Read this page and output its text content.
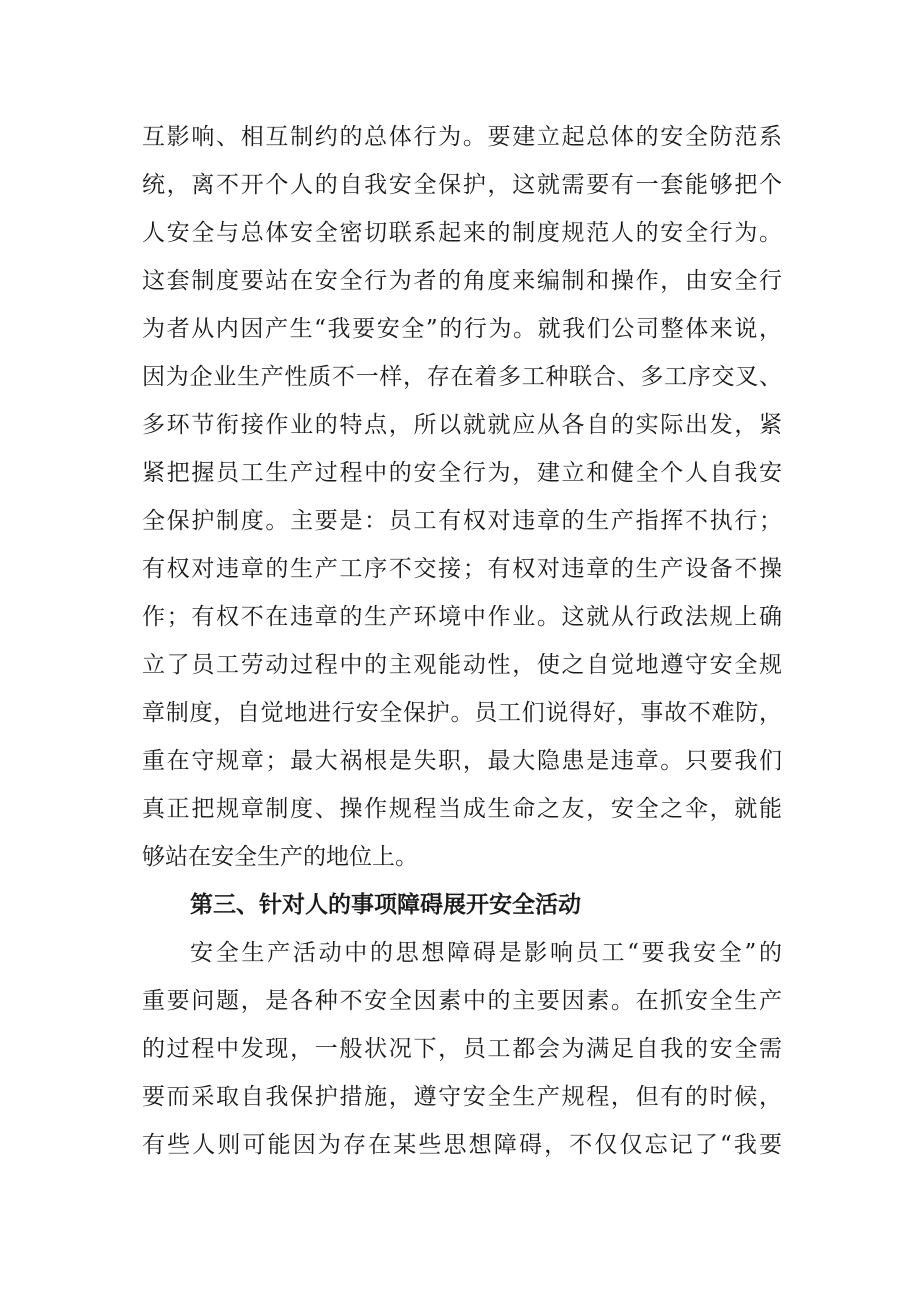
互影响、相互制约的总体行为。要建立起总体的安全防范系
统，离不开个人的自我安全保护，这就需要有一套能够把个
人安全与总体安全密切联系起来的制度规范人的安全行为。
这套制度要站在安全行为者的角度来编制和操作，由安全行
为者从内因产生“我要安全”的行为。就我们公司整体来说，
因为企业生产性质不一样，存在着多工种联合、多工序交叉、
多环节衔接作业的特点，所以就就应从各自的实际出发，紧
紧把握员工生产过程中的安全行为，建立和健全个人自我安
全保护制度。主要是：员工有权对违章的生产指挥不执行；
有权对违章的生产工序不交接；有权对违章的生产设备不操
作；有权不在违章的生产环境中作业。这就从行政法规上确
立了员工劳动过程中的主观能动性，使之自觉地遵守安全规
章制度，自觉地进行安全保护。员工们说得好，事故不难防，
重在守规章；最大祸根是失职，最大隐患是违章。只要我们
真正把规章制度、操作规程当成生命之友，安全之伞，就能
够站在安全生产的地位上。
第三、针对人的事项障碍展开安全活动
安全生产活动中的思想障碍是影响员工“要我安全”的
重要问题，是各种不安全因素中的主要因素。在抓安全生产
的过程中发现，一般状况下，员工都会为满足自我的安全需
要而采取自我保护措施，遵守安全生产规程，但有的时候，
有些人则可能因为存在某些思想障碍，不仅仅忘记了“我要
